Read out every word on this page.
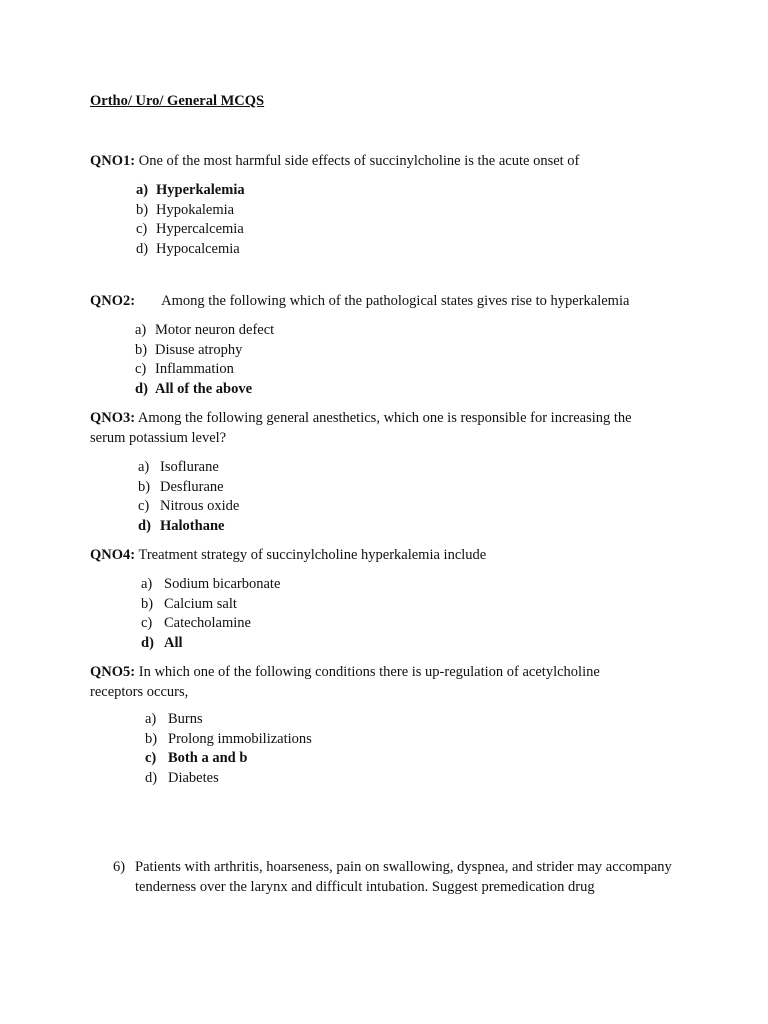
Ortho/ Uro/ General MCQS
QNO1: One of the most harmful side effects of succinylcholine is the acute onset of
a) Hyperkalemia
b) Hypokalemia
c) Hypercalcemia
d) Hypocalcemia
QNO2: Among the following which of the pathological states gives rise to hyperkalemia
a) Motor neuron defect
b) Disuse atrophy
c) Inflammation
d) All of the above
QNO3: Among the following general anesthetics, which one is responsible for increasing the serum potassium level?
a) Isoflurane
b) Desflurane
c) Nitrous oxide
d) Halothane
QNO4: Treatment strategy of succinylcholine hyperkalemia include
a) Sodium bicarbonate
b) Calcium salt
c) Catecholamine
d) All
QNO5: In which one of the following conditions there is up-regulation of acetylcholine receptors occurs,
a) Burns
b) Prolong immobilizations
c) Both a and b
d) Diabetes
6) Patients with arthritis, hoarseness, pain on swallowing, dyspnea, and strider may accompany tenderness over the larynx and difficult intubation. Suggest premedication drug
